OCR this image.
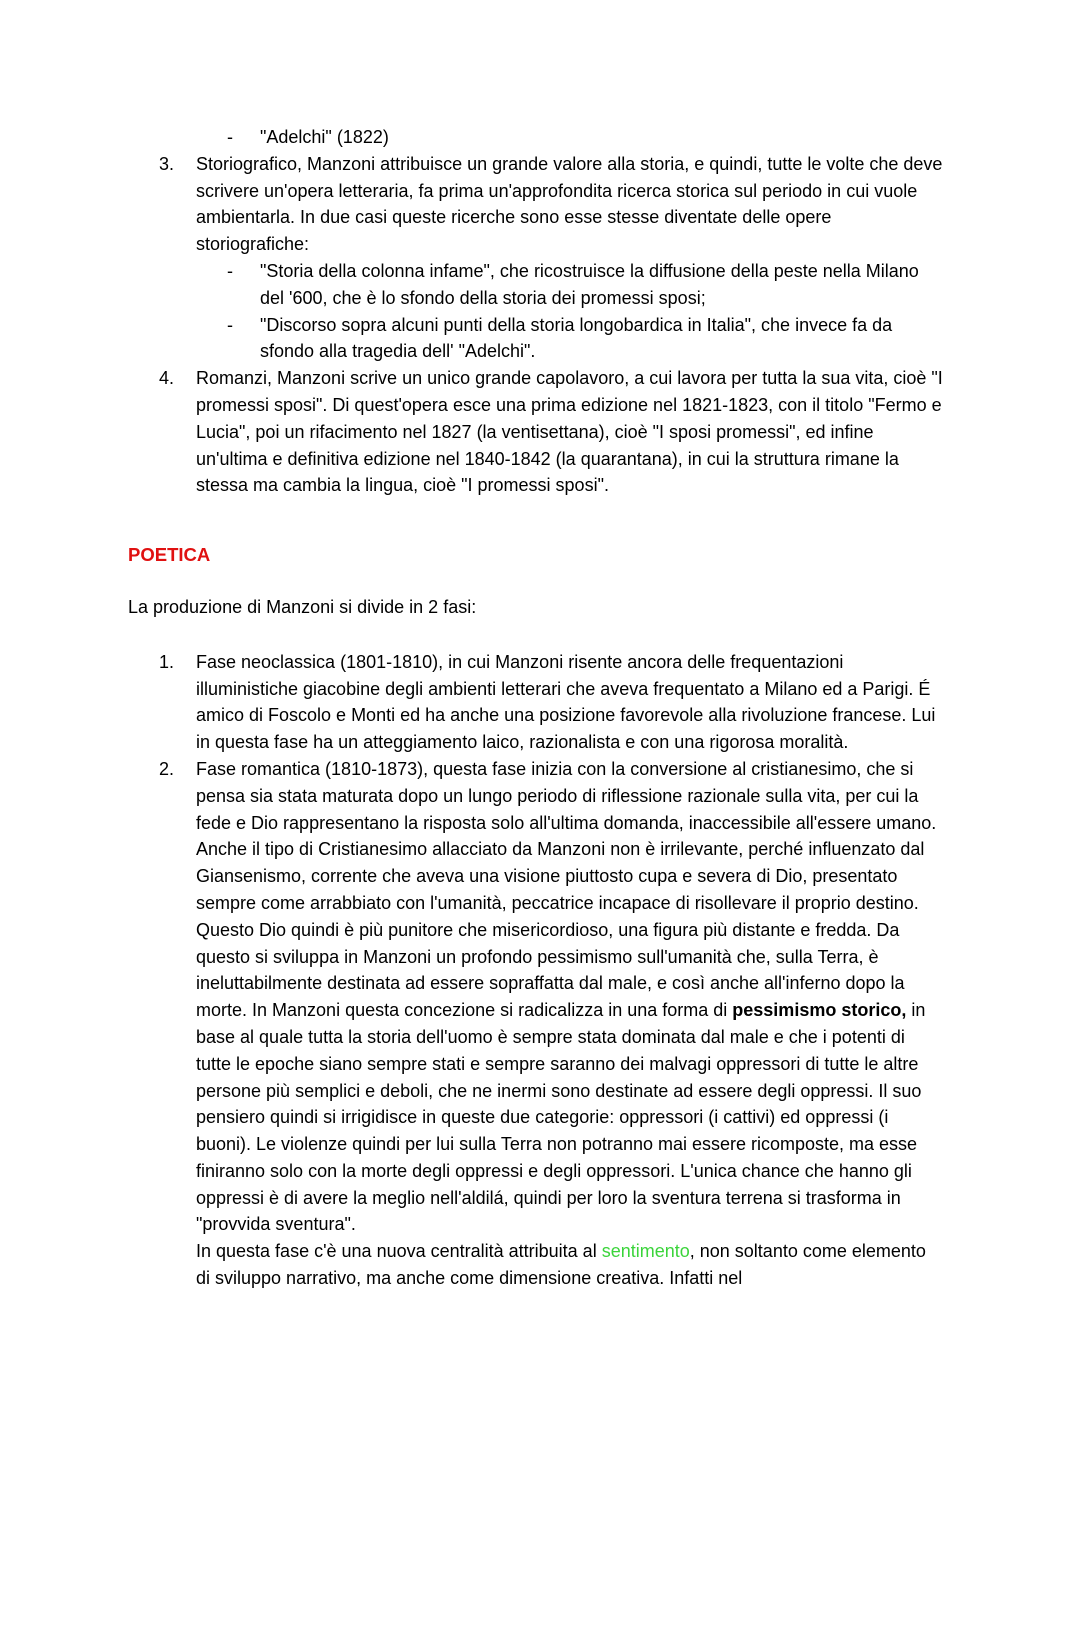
- "Adelchi" (1822)
3. Storiografico, Manzoni attribuisce un grande valore alla storia, e quindi, tutte le volte che deve scrivere un'opera letteraria, fa prima un'approfondita ricerca storica sul periodo in cui vuole ambientarla. In due casi queste ricerche sono esse stesse diventate delle opere storiografiche:
- "Storia della colonna infame", che ricostruisce la diffusione della peste nella Milano del '600, che è lo sfondo della storia dei promessi sposi;
- "Discorso sopra alcuni punti della storia longobardica in Italia", che invece fa da sfondo alla tragedia dell' "Adelchi".
4. Romanzi, Manzoni scrive un unico grande capolavoro, a cui lavora per tutta la sua vita, cioè "I promessi sposi". Di quest'opera esce una prima edizione nel 1821-1823, con il titolo "Fermo e Lucia", poi un rifacimento nel 1827 (la ventisettana), cioè "I sposi promessi", ed infine un'ultima e definitiva edizione nel 1840-1842 (la quarantana), in cui la struttura rimane la stessa ma cambia la lingua, cioè "I promessi sposi".
POETICA

La produzione di Manzoni si divide in 2 fasi:

1. Fase neoclassica (1801-1810), in cui Manzoni risente ancora delle frequentazioni illuministiche giacobine degli ambienti letterari che aveva frequentato a Milano ed a Parigi. É amico di Foscolo e Monti ed ha anche una posizione favorevole alla rivoluzione francese. Lui in questa fase ha un atteggiamento laico, razionalista e con una rigorosa moralità.
2. Fase romantica (1810-1873), questa fase inizia con la conversione al cristianesimo, che si pensa sia stata maturata dopo un lungo periodo di riflessione razionale sulla vita, per cui la fede e Dio rappresentano la risposta solo all'ultima domanda, inaccessibile all'essere umano. Anche il tipo di Cristianesimo allacciato da Manzoni non è irrilevante, perché influenzato dal Giansenismo, corrente che aveva una visione piuttosto cupa e severa di Dio, presentato sempre come arrabbiato con l'umanità, peccatrice incapace di risollevare il proprio destino. Questo Dio quindi è più punitore che misericordioso, una figura più distante e fredda. Da questo si sviluppa in Manzoni un profondo pessimismo sull'umanità che, sulla Terra, è ineluttabilmente destinata ad essere sopraffatta dal male, e così anche all'inferno dopo la morte. In Manzoni questa concezione si radicalizza in una forma di pessimismo storico, in base al quale tutta la storia dell'uomo è sempre stata dominata dal male e che i potenti di tutte le epoche siano sempre stati e sempre saranno dei malvagi oppressori di tutte le altre persone più semplici e deboli, che ne inermi sono destinate ad essere degli oppressi. Il suo pensiero quindi si irrigidisce in queste due categorie: oppressori (i cattivi) ed oppressi (i buoni). Le violenze quindi per lui sulla Terra non potranno mai essere ricomposte, ma esse finiranno solo con la morte degli oppressi e degli oppressori. L'unica chance che hanno gli oppressi è di avere la meglio nell'aldilá, quindi per loro la sventura terrena si trasforma in "provvida sventura".
In questa fase c'è una nuova centralità attribuita al sentimento, non soltanto come elemento di sviluppo narrativo, ma anche come dimensione creativa. Infatti nel
